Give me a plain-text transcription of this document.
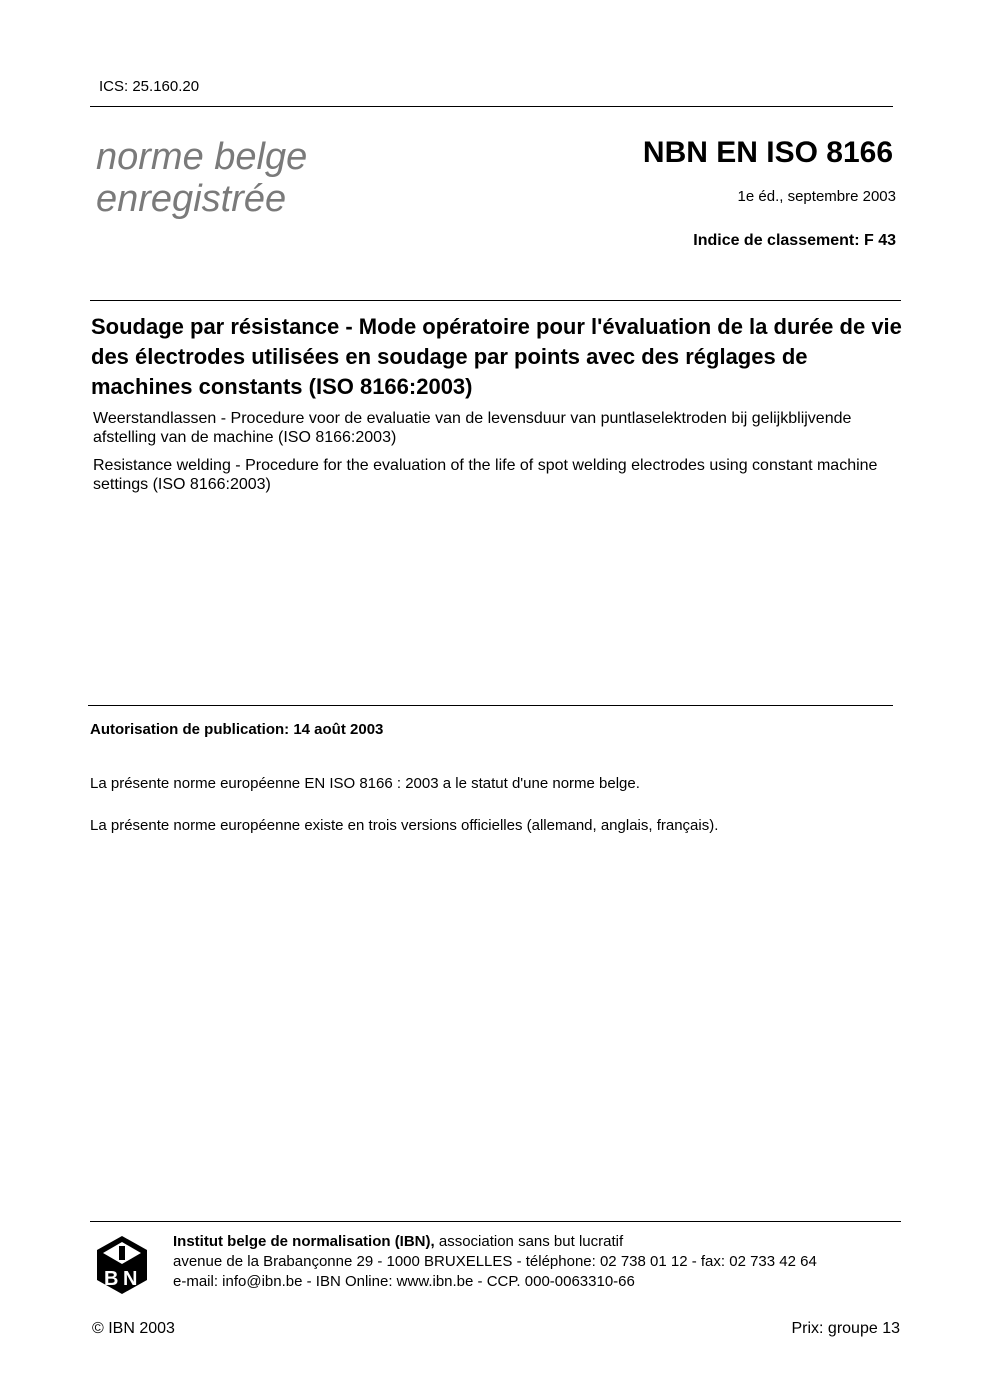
ICS: 25.160.20
norme belge
enregistrée
NBN EN ISO 8166
1e éd., septembre 2003
Indice de classement: F 43
Soudage par résistance - Mode opératoire pour l'évaluation de la durée de vie des électrodes utilisées en soudage par points avec des réglages de machines constants (ISO 8166:2003)
Weerstandlassen - Procedure voor de evaluatie van de levensduur van puntlaselektroden bij gelijkblijvende afstelling van de machine (ISO 8166:2003)
Resistance welding - Procedure for the evaluation of the life of spot welding electrodes using constant machine settings (ISO 8166:2003)
Autorisation de publication: 14 août 2003
La présente norme européenne EN ISO 8166 : 2003 a le statut d'une norme belge.
La présente norme européenne existe en trois versions officielles (allemand, anglais, français).
B N
Institut belge de normalisation (IBN), association sans but lucratif
avenue de la Brabançonne 29 - 1000 BRUXELLES - téléphone: 02 738 01 12 - fax: 02 733 42 64
e-mail: info@ibn.be - IBN Online: www.ibn.be - CCP. 000-0063310-66
© IBN 2003	Prix: groupe 13
